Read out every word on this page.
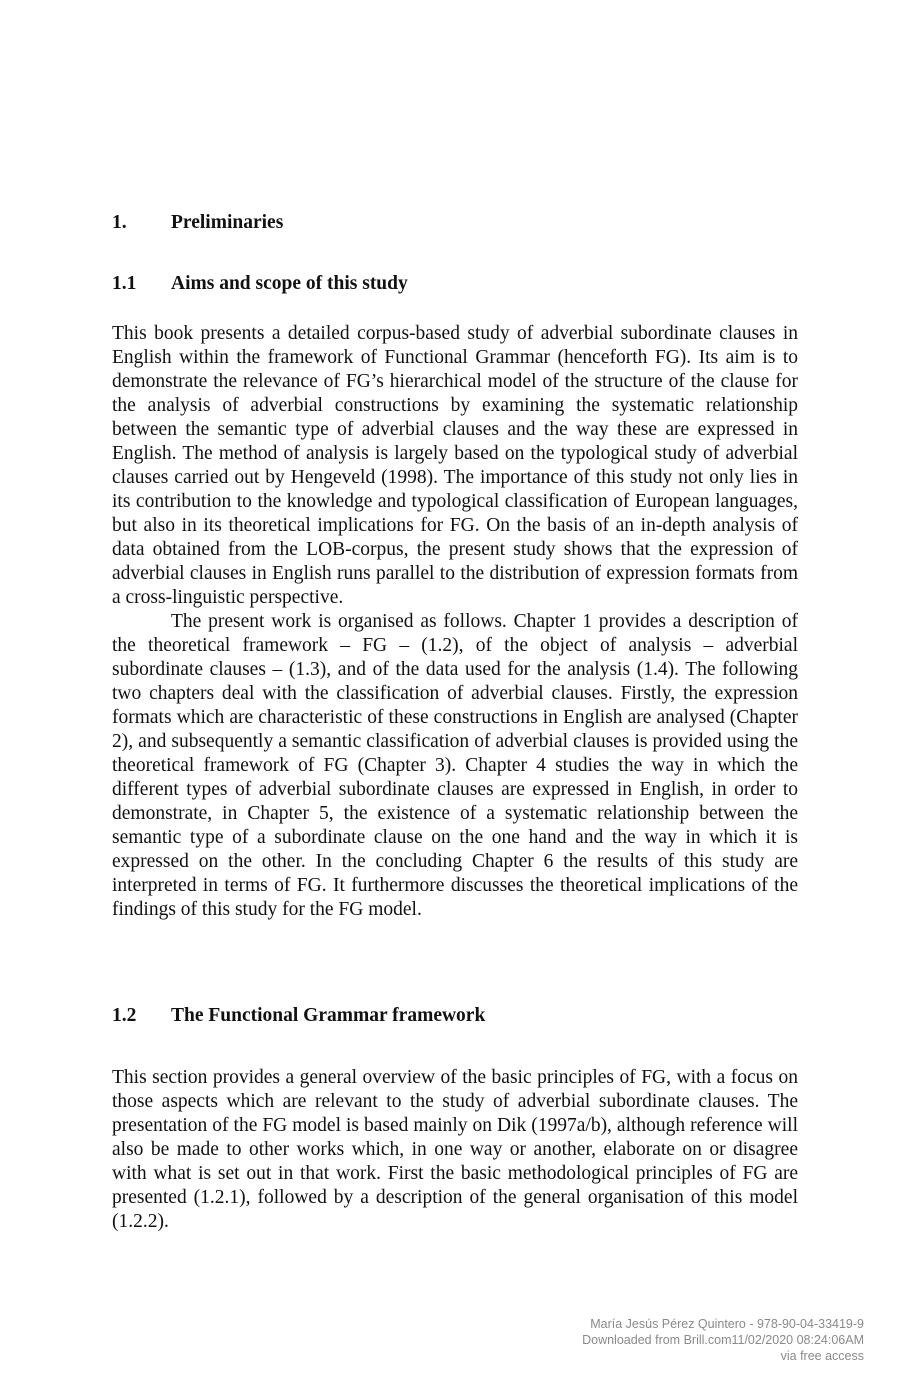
1. Preliminaries
1.1 Aims and scope of this study

This book presents a detailed corpus-based study of adverbial subordinate clauses in English within the framework of Functional Grammar (henceforth FG). Its aim is to demonstrate the relevance of FG’s hierarchical model of the structure of the clause for the analysis of adverbial constructions by examining the systematic relationship between the semantic type of adverbial clauses and the way these are expressed in English. The method of analysis is largely based on the typological study of adverbial clauses carried out by Hengeveld (1998). The importance of this study not only lies in its contribution to the knowledge and typological classification of European languages, but also in its theoretical implications for FG. On the basis of an in-depth analysis of data obtained from the LOB-corpus, the present study shows that the expression of adverbial clauses in English runs parallel to the distribution of expression formats from a cross-linguistic perspective.

The present work is organised as follows. Chapter 1 provides a description of the theoretical framework – FG – (1.2), of the object of analysis – adverbial subordinate clauses – (1.3), and of the data used for the analysis (1.4). The following two chapters deal with the classification of adverbial clauses. Firstly, the expression formats which are characteristic of these constructions in English are analysed (Chapter 2), and subsequently a semantic classification of adverbial clauses is provided using the theoretical framework of FG (Chapter 3). Chapter 4 studies the way in which the different types of adverbial subordinate clauses are expressed in English, in order to demonstrate, in Chapter 5, the existence of a systematic relationship between the semantic type of a subordinate clause on the one hand and the way in which it is expressed on the other. In the concluding Chapter 6 the results of this study are interpreted in terms of FG. It furthermore discusses the theoretical implications of the findings of this study for the FG model.

1.2 The Functional Grammar framework

This section provides a general overview of the basic principles of FG, with a focus on those aspects which are relevant to the study of adverbial subordinate clauses. The presentation of the FG model is based mainly on Dik (1997a/b), although reference will also be made to other works which, in one way or another, elaborate on or disagree with what is set out in that work. First the basic methodological principles of FG are presented (1.2.1), followed by a description of the general organisation of this model (1.2.2).

María Jesús Pérez Quintero - 978-90-04-33419-9
Downloaded from Brill.com11/02/2020 08:24:06AM
via free access
